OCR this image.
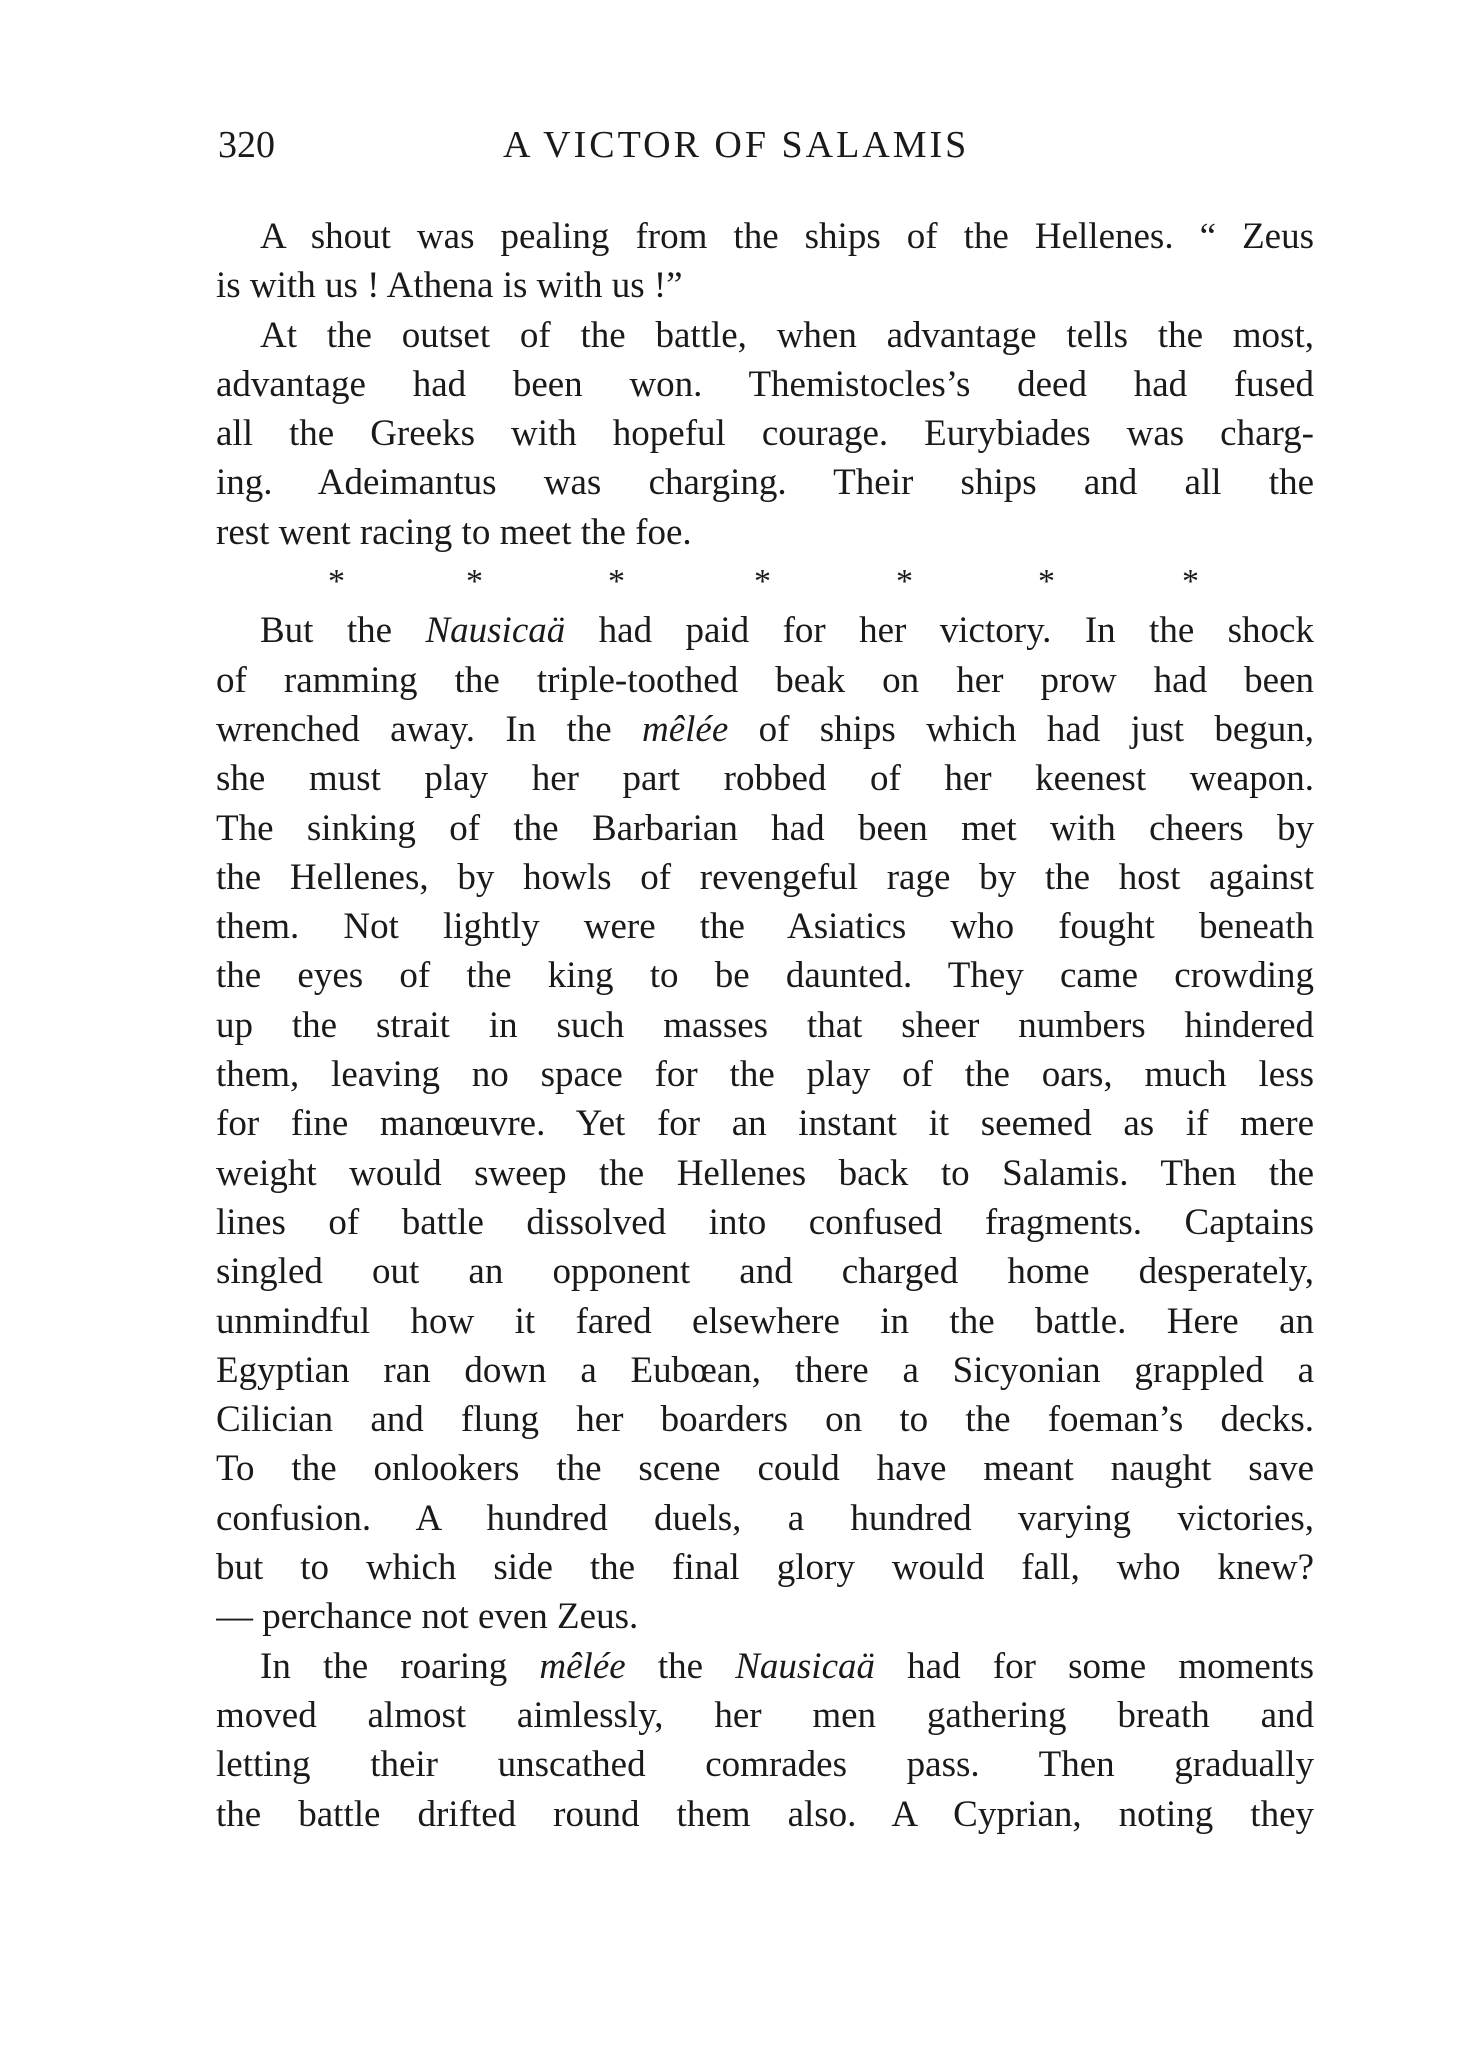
320	A VICTOR OF SALAMIS
A shout was pealing from the ships of the Hellenes. “ Zeus
is with us ! Athena is with us !”
At the outset of the battle, when advantage tells the most,
advantage had been won. Themistocles’s deed had fused
all the Greeks with hopeful courage. Eurybiades was charg-
ing. Adeimantus was charging. Their ships and all the
rest went racing to meet the foe.
*	*	*	*	*	*	*
But the Nausicaä had paid for her victory. In the shock
of ramming the triple-toothed beak on her prow had been
wrenched away. In the mêlée of ships which had just begun,
she must play her part robbed of her keenest weapon.
The sinking of the Barbarian had been met with cheers by
the Hellenes, by howls of revengeful rage by the host against
them. Not lightly were the Asiatics who fought beneath
the eyes of the king to be daunted. They came crowding
up the strait in such masses that sheer numbers hindered
them, leaving no space for the play of the oars, much less
for fine manœuvre. Yet for an instant it seemed as if mere
weight would sweep the Hellenes back to Salamis. Then the
lines of battle dissolved into confused fragments. Captains
singled out an opponent and charged home desperately,
unmindful how it fared elsewhere in the battle. Here an
Egyptian ran down a Eubœan, there a Sicyonian grappled a
Cilician and flung her boarders on to the foeman’s decks.
To the onlookers the scene could have meant naught save
confusion. A hundred duels, a hundred varying victories,
but to which side the final glory would fall, who knew?
— perchance not even Zeus.
In the roaring mêlée the Nausicaä had for some moments
moved almost aimlessly, her men gathering breath and
letting their unscathed comrades pass. Then gradually
the battle drifted round them also. A Cyprian, noting they
